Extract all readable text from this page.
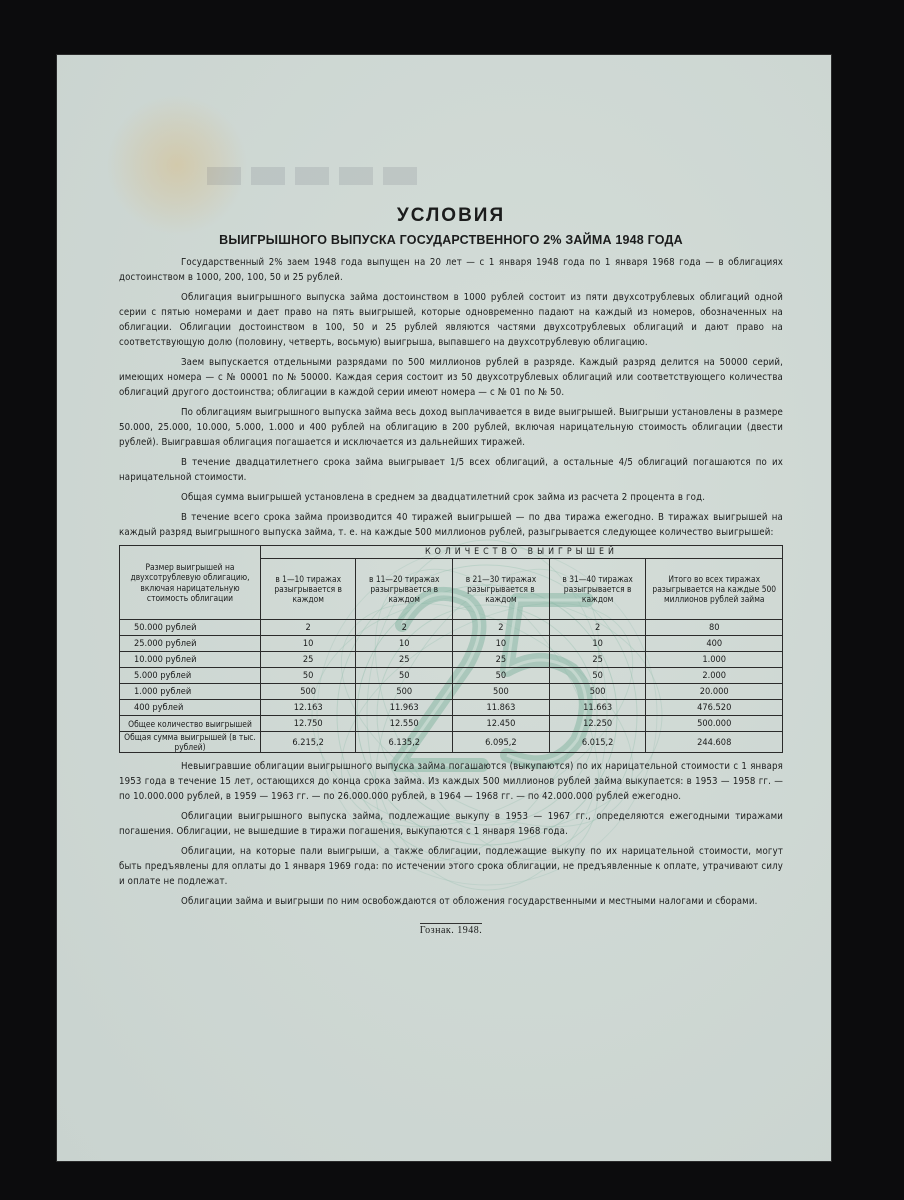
УСЛОВИЯ
ВЫИГРЫШНОГО ВЫПУСКА ГОСУДАРСТВЕННОГО 2% ЗАЙМА 1948 ГОДА

Государственный 2% заем 1948 года выпущен на 20 лет — с 1 января 1948 года по 1 января 1968 года — в облигациях достоинством в 1000, 200, 100, 50 и 25 рублей.

Облигация выигрышного выпуска займа достоинством в 1000 рублей состоит из пяти двухсотрублевых облигаций одной серии с пятью номерами и дает право на пять выигрышей, которые одновременно падают на каждый из номеров, обозначенных на облигации. Облигации достоинством в 100, 50 и 25 рублей являются частями двухсотрублевых облигаций и дают право на соответствующую долю (половину, четверть, восьмую) выигрыша, выпавшего на двухсотрублевую облигацию.

Заем выпускается отдельными разрядами по 500 миллионов рублей в разряде. Каждый разряд делится на 50000 серий, имеющих номера — с № 00001 по № 50000. Каждая серия состоит из 50 двухсотрублевых облигаций или соответствующего количества облигаций другого достоинства; облигации в каждой серии имеют номера — с № 01 по № 50.

По облигациям выигрышного выпуска займа весь доход выплачивается в виде выигрышей. Выигрыши установлены в размере 50.000, 25.000, 10.000, 5.000, 1.000 и 400 рублей на облигацию в 200 рублей, включая нарицательную стоимость облигации (двести рублей). Выигравшая облигация погашается и исключается из дальнейших тиражей.

В течение двадцатилетнего срока займа выигрывает 1/5 всех облигаций, а остальные 4/5 облигаций погашаются по их нарицательной стоимости.

Общая сумма выигрышей установлена в среднем за двадцатилетний срок займа из расчета 2 процента в год.

В течение всего срока займа производится 40 тиражей выигрышей — по два тиража ежегодно. В тиражах выигрышей на каждый разряд выигрышного выпуска займа, т. е. на каждые 500 миллионов рублей, разыгрывается следующее количество выигрышей:

Размер выигрышей на двухсотрублевую облигацию, включая нарицательную стоимость облигации	КОЛИЧЕСТВО ВЫИГРЫШЕЙ				
	в 1—10 тиражах разыгрывается в каждом	в 11—20 тиражах разыгрывается в каждом	в 21—30 тиражах разыгрывается в каждом	в 31—40 тиражах разыгрывается в каждом	Итого во всех тиражах разыгрывается на каждые 500 миллионов рублей займа
50.000 рублей	2	2	2	2	80
25.000 рублей	10	10	10	10	400
10.000 рублей	25	25	25	25	1.000
5.000 рублей	50	50	50	50	2.000
1.000 рублей	500	500	500	500	20.000
400 рублей	12.163	11.963	11.863	11.663	476.520
Общее количество выигрышей	12.750	12.550	12.450	12.250	500.000
Общая сумма выигрышей (в тыс. рублей)	6.215,2	6.135,2	6.095,2	6.015,2	244.608

Невыигравшие облигации выигрышного выпуска займа погашаются (выкупаются) по их нарицательной стоимости с 1 января 1953 года в течение 15 лет, остающихся до конца срока займа. Из каждых 500 миллионов рублей займа выкупается: в 1953 — 1958 гг. — по 10.000.000 рублей, в 1959 — 1963 гг. — по 26.000.000 рублей, в 1964 — 1968 гг. — по 42.000.000 рублей ежегодно.

Облигации выигрышного выпуска займа, подлежащие выкупу в 1953 — 1967 гг., определяются ежегодными тиражами погашения. Облигации, не вышедшие в тиражи погашения, выкупаются с 1 января 1968 года.

Облигации, на которые пали выигрыши, а также облигации, подлежащие выкупу по их нарицательной стоимости, могут быть предъявлены для оплаты до 1 января 1969 года: по истечении этого срока облигации, не предъявленные к оплате, утрачивают силу и оплате не подлежат.

Облигации займа и выигрыши по ним освобождаются от обложения государственными и местными налогами и сборами.

Гознак. 1948.
